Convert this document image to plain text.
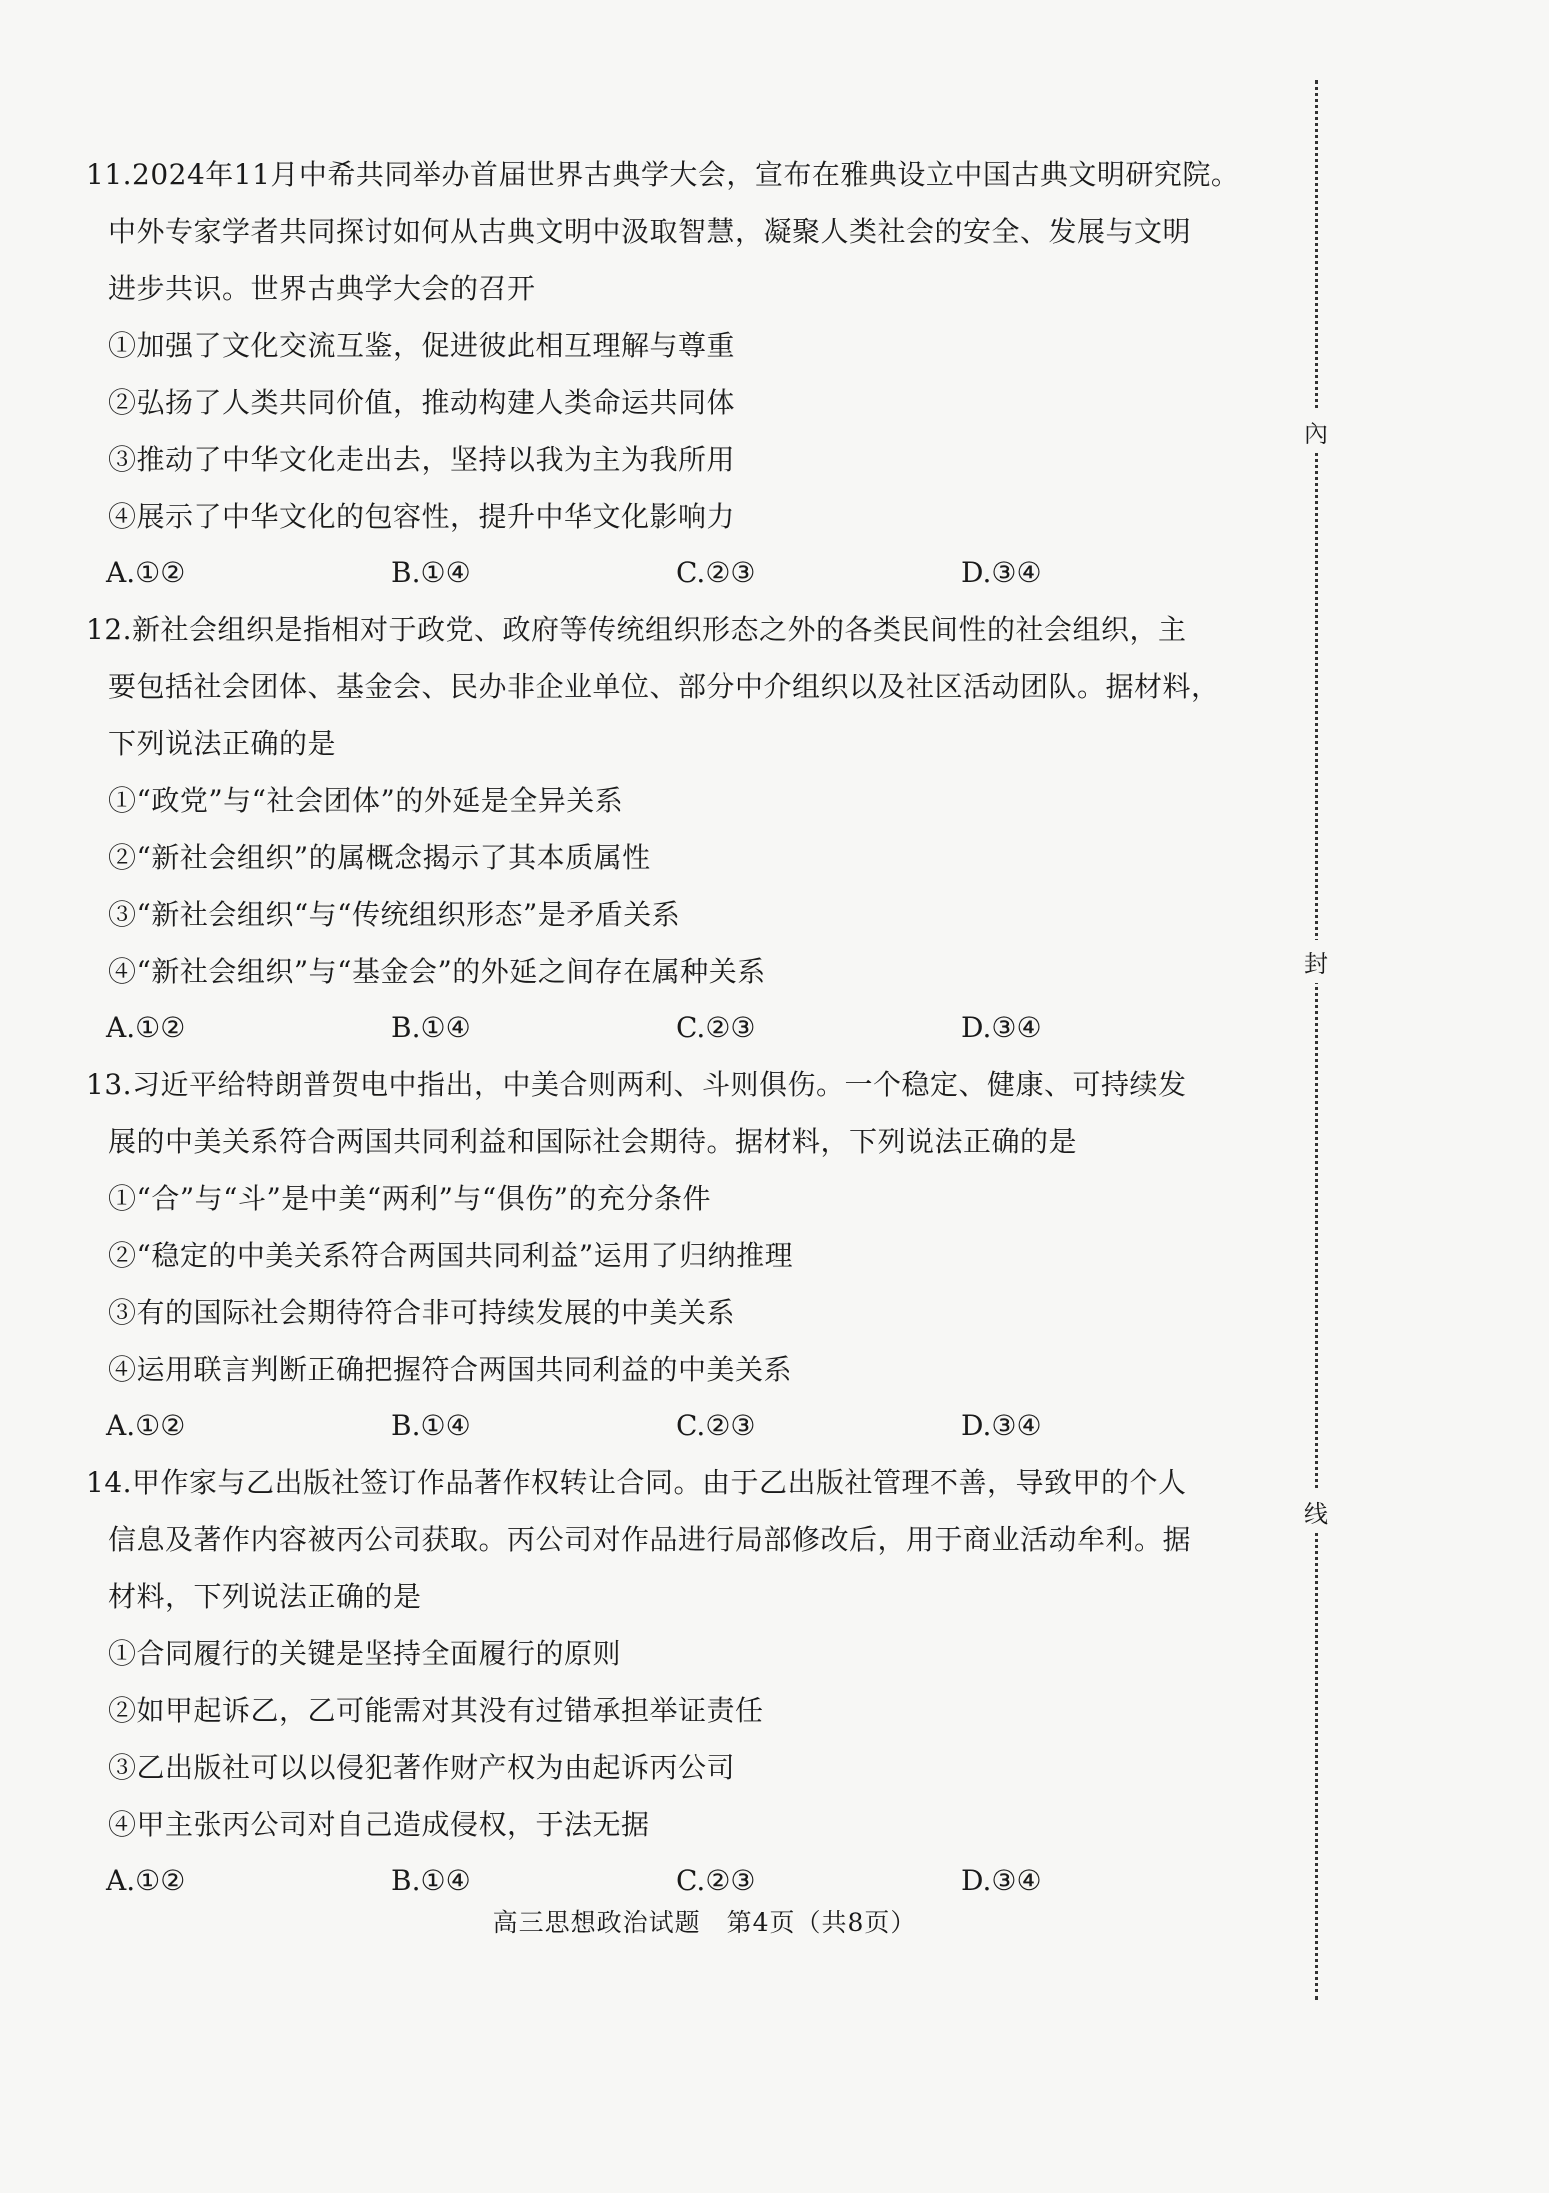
11.2024年11月中希共同举办首届世界古典学大会，宣布在雅典设立中国古典文明研究院。
中外专家学者共同探讨如何从古典文明中汲取智慧，凝聚人类社会的安全、发展与文明
进步共识。世界古典学大会的召开
①加强了文化交流互鉴，促进彼此相互理解与尊重
②弘扬了人类共同价值，推动构建人类命运共同体
③推动了中华文化走出去，坚持以我为主为我所用
④展示了中华文化的包容性，提升中华文化影响力
A.①②	B.①④	C.②③	D.③④
12.新社会组织是指相对于政党、政府等传统组织形态之外的各类民间性的社会组织，主
要包括社会团体、基金会、民办非企业单位、部分中介组织以及社区活动团队。据材料，
下列说法正确的是
①“政党”与“社会团体”的外延是全异关系
②“新社会组织”的属概念揭示了其本质属性
③“新社会组织“与“传统组织形态”是矛盾关系
④“新社会组织”与“基金会”的外延之间存在属种关系
A.①②	B.①④	C.②③	D.③④
13.习近平给特朗普贺电中指出，中美合则两利、斗则俱伤。一个稳定、健康、可持续发
展的中美关系符合两国共同利益和国际社会期待。据材料，下列说法正确的是
①“合”与“斗”是中美“两利”与“俱伤”的充分条件
②“稳定的中美关系符合两国共同利益”运用了归纳推理
③有的国际社会期待符合非可持续发展的中美关系
④运用联言判断正确把握符合两国共同利益的中美关系
A.①②	B.①④	C.②③	D.③④
14.甲作家与乙出版社签订作品著作权转让合同。由于乙出版社管理不善，导致甲的个人
信息及著作内容被丙公司获取。丙公司对作品进行局部修改后，用于商业活动牟利。据
材料，下列说法正确的是
①合同履行的关键是坚持全面履行的原则
②如甲起诉乙，乙可能需对其没有过错承担举证责任
③乙出版社可以以侵犯著作财产权为由起诉丙公司
④甲主张丙公司对自己造成侵权，于法无据
A.①②	B.①④	C.②③	D.③④
高三思想政治试题　第4页（共8页）
內
封
线
